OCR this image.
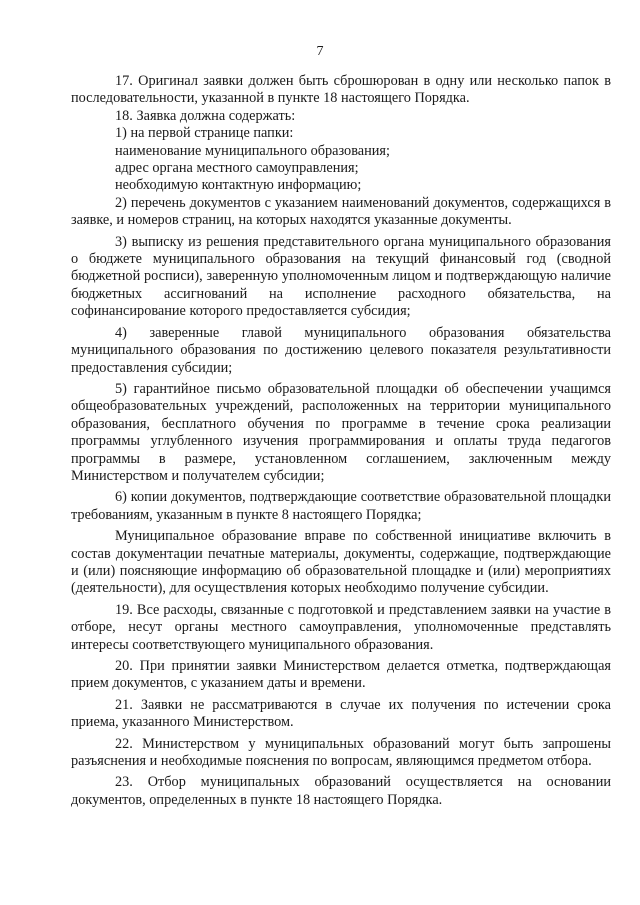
7

17. Оригинал заявки должен быть сброшюрован в одну или несколько папок в последовательности, указанной в пункте 18 настоящего Порядка.

18. Заявка должна содержать:

1) на первой странице папки:

наименование муниципального образования;

адрес органа местного самоуправления;

необходимую контактную информацию;

2) перечень документов с указанием наименований документов, содержащихся в заявке, и номеров страниц, на которых находятся указанные документы.

3) выписку из решения представительного органа муниципального образования о бюджете муниципального образования на текущий финансовый год (сводной бюджетной росписи), заверенную уполномоченным лицом и подтверждающую наличие бюджетных ассигнований на исполнение расходного обязательства, на софинансирование которого предоставляется субсидия;

4) заверенные главой муниципального образования обязательства муниципального образования по достижению целевого показателя результативности предоставления субсидии;

5) гарантийное письмо образовательной площадки об обеспечении учащимся общеобразовательных учреждений, расположенных на территории муниципального образования, бесплатного обучения по программе в течение срока реализации программы углубленного изучения программирования и оплаты труда педагогов программы в размере, установленном соглашением, заключенным между Министерством и получателем субсидии;

6) копии документов, подтверждающие соответствие образовательной площадки требованиям, указанным в пункте 8 настоящего Порядка;

Муниципальное образование вправе по собственной инициативе включить в состав документации печатные материалы, документы, содержащие, подтверждающие и (или) поясняющие информацию об образовательной площадке и (или) мероприятиях (деятельности), для осуществления которых необходимо получение субсидии.

19. Все расходы, связанные с подготовкой и представлением заявки на участие в отборе, несут органы местного самоуправления, уполномоченные представлять интересы соответствующего муниципального образования.

20. При принятии заявки Министерством делается отметка, подтверждающая прием документов, с указанием даты и времени.

21. Заявки не рассматриваются в случае их получения по истечении срока приема, указанного Министерством.

22. Министерством у муниципальных образований могут быть запрошены разъяснения и необходимые пояснения по вопросам, являющимся предметом отбора.

23. Отбор муниципальных образований осуществляется на основании документов, определенных в пункте 18 настоящего Порядка.
